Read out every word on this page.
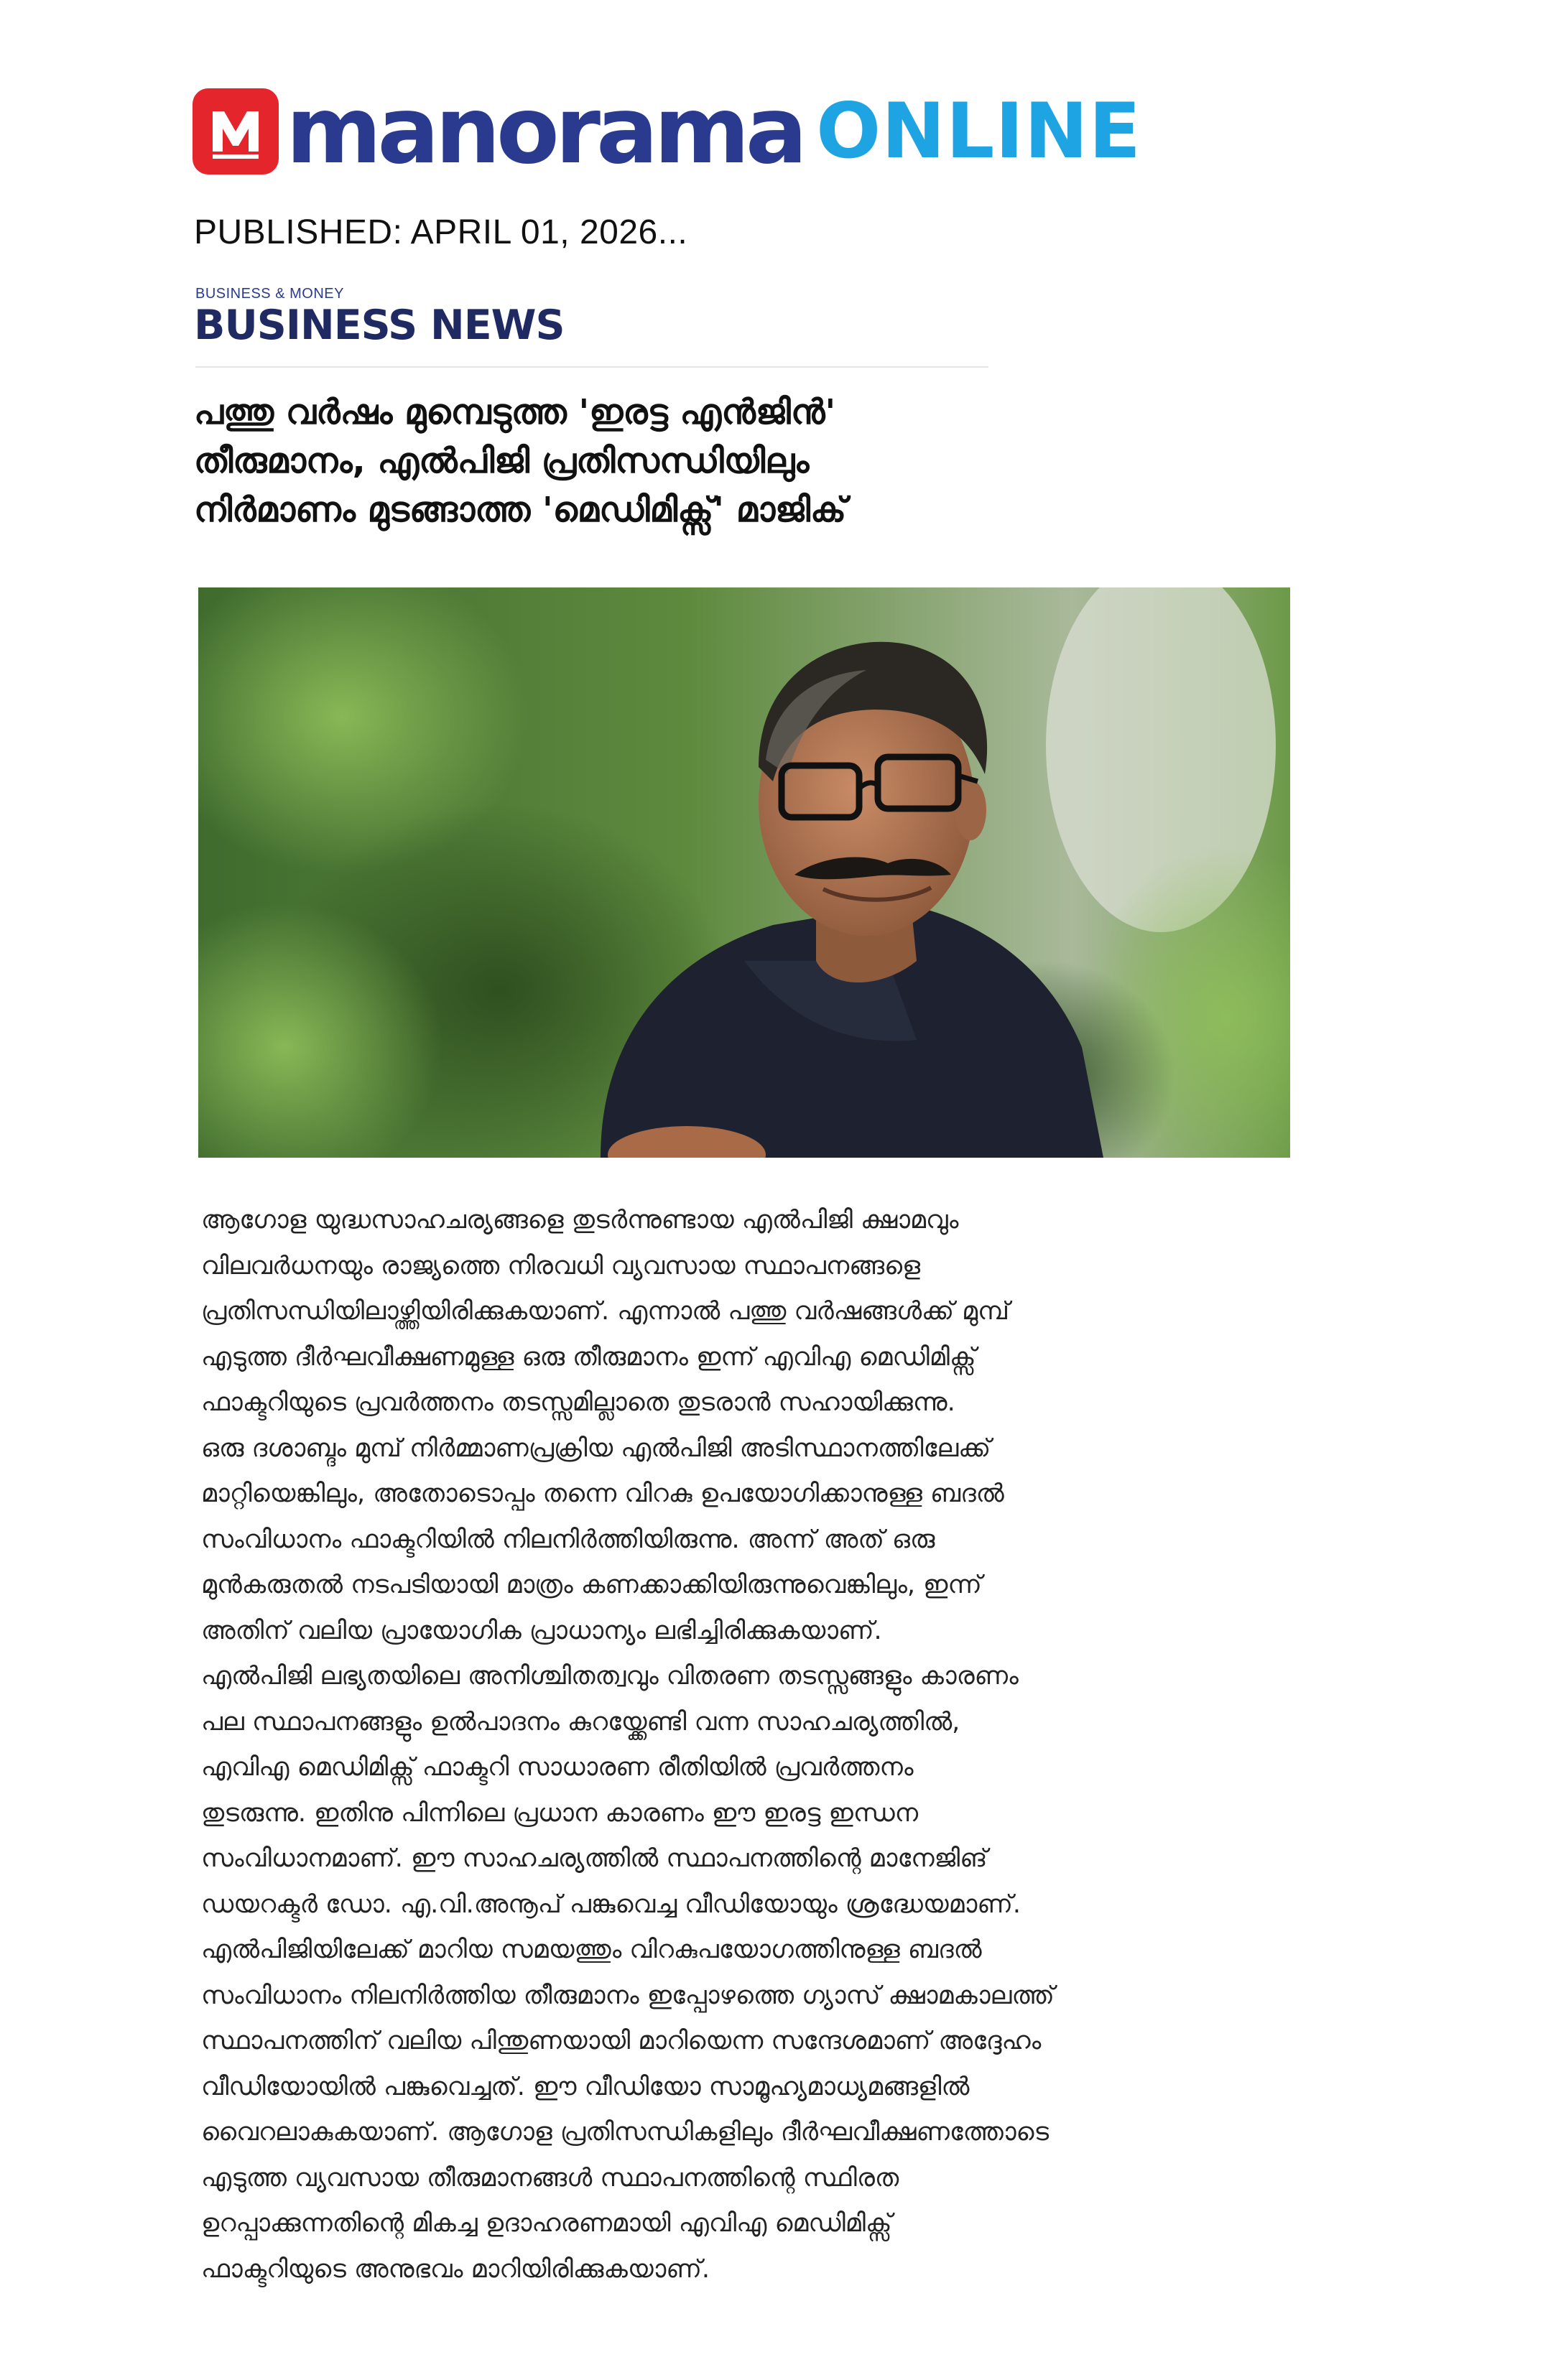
manorama ONLINE
PUBLISHED: APRIL 01, 2026...
BUSINESS & MONEY
BUSINESS NEWS
പത്തു വർഷം മുമ്പെടുത്ത 'ഇരട്ട എൻജിൻ'
തീരുമാനം, എൽപിജി പ്രതിസന്ധിയിലും
നിർമാണം മുടങ്ങാത്ത 'മെഡിമിക്സ്' മാജിക്

ആഗോള യുദ്ധസാഹചര്യങ്ങളെ തുടർന്നുണ്ടായ എൽപിജി ക്ഷാമവും
വിലവർധനയും രാജ്യത്തെ നിരവധി വ്യവസായ സ്ഥാപനങ്ങളെ
പ്രതിസന്ധിയിലാഴ്ത്തിയിരിക്കുകയാണ്. എന്നാൽ പത്തു വർഷങ്ങൾക്ക് മുമ്പ്
എടുത്ത ദീർഘവീക്ഷണമുള്ള ഒരു തീരുമാനം ഇന്ന് എവിഎ മെഡിമിക്സ്
ഫാക്ടറിയുടെ പ്രവർത്തനം തടസ്സമില്ലാതെ തുടരാൻ സഹായിക്കുന്നു.

ഒരു ദശാബ്ദം മുമ്പ് നിർമ്മാണപ്രക്രിയ എൽപിജി അടിസ്ഥാനത്തിലേക്ക്
മാറ്റിയെങ്കിലും, അതോടൊപ്പം തന്നെ വിറകു ഉപയോഗിക്കാനുള്ള ബദൽ
സംവിധാനം ഫാക്ടറിയിൽ നിലനിർത്തിയിരുന്നു. അന്ന് അത് ഒരു
മുൻകരുതൽ നടപടിയായി മാത്രം കണക്കാക്കിയിരുന്നുവെങ്കിലും, ഇന്ന്
അതിന് വലിയ പ്രായോഗിക പ്രാധാന്യം ലഭിച്ചിരിക്കുകയാണ്.

എൽപിജി ലഭ്യതയിലെ അനിശ്ചിതത്വവും വിതരണ തടസ്സങ്ങളും കാരണം
പല സ്ഥാപനങ്ങളും ഉൽപാദനം കുറയ്ക്കേണ്ടി വന്ന സാഹചര്യത്തിൽ,
എവിഎ മെഡിമിക്സ് ഫാക്ടറി സാധാരണ രീതിയിൽ പ്രവർത്തനം
തുടരുന്നു. ഇതിനു പിന്നിലെ പ്രധാന കാരണം ഈ ഇരട്ട ഇന്ധന
സംവിധാനമാണ്. ഈ സാഹചര്യത്തിൽ സ്ഥാപനത്തിന്റെ മാനേജിങ്
ഡയറക്ടർ ഡോ. എ.വി.അനൂപ് പങ്കുവെച്ച വീഡിയോയും ശ്രദ്ധേയമാണ്.

എൽപിജിയിലേക്ക് മാറിയ സമയത്തും വിറകുപയോഗത്തിനുള്ള ബദൽ
സംവിധാനം നിലനിർത്തിയ തീരുമാനം ഇപ്പോഴത്തെ ഗ്യാസ് ക്ഷാമകാലത്ത്
സ്ഥാപനത്തിന് വലിയ പിന്തുണയായി മാറിയെന്ന സന്ദേശമാണ് അദ്ദേഹം
വീഡിയോയിൽ പങ്കുവെച്ചത്. ഈ വീഡിയോ സാമൂഹ്യമാധ്യമങ്ങളിൽ
വൈറലാകുകയാണ്. ആഗോള പ്രതിസന്ധികളിലും ദീർഘവീക്ഷണത്തോടെ
എടുത്ത വ്യവസായ തീരുമാനങ്ങൾ സ്ഥാപനത്തിന്റെ സ്ഥിരത
ഉറപ്പാക്കുന്നതിന്റെ മികച്ച ഉദാഹരണമായി എവിഎ മെഡിമിക്സ്
ഫാക്ടറിയുടെ അനുഭവം മാറിയിരിക്കുകയാണ്.
